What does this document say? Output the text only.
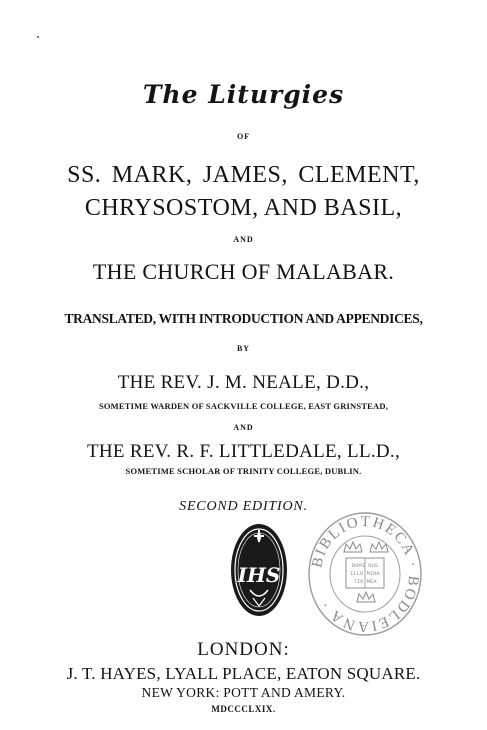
The Liturgies
OF
SS. MARK, JAMES, CLEMENT,
CHRYSOSTOM, AND BASIL,
AND
THE CHURCH OF MALABAR.
TRANSLATED, WITH INTRODUCTION AND APPENDICES,
BY
THE REV. J. M. NEALE, D.D.,
SOMETIME WARDEN OF SACKVILLE COLLEGE, EAST GRINSTEAD,
AND
THE REV. R. F. LITTLEDALE, LL.D.,
SOMETIME SCHOLAR OF TRINITY COLLEGE, DUBLIN.
SECOND EDITION.
IHS
BIBLIOTHECA · BODLEIANA ·
DOMI NUS
ILLU MINA
TIO MEA
LONDON:
J. T. HAYES, LYALL PLACE, EATON SQUARE.
NEW YORK: POTT AND AMERY.
MDCCCLXIX.
